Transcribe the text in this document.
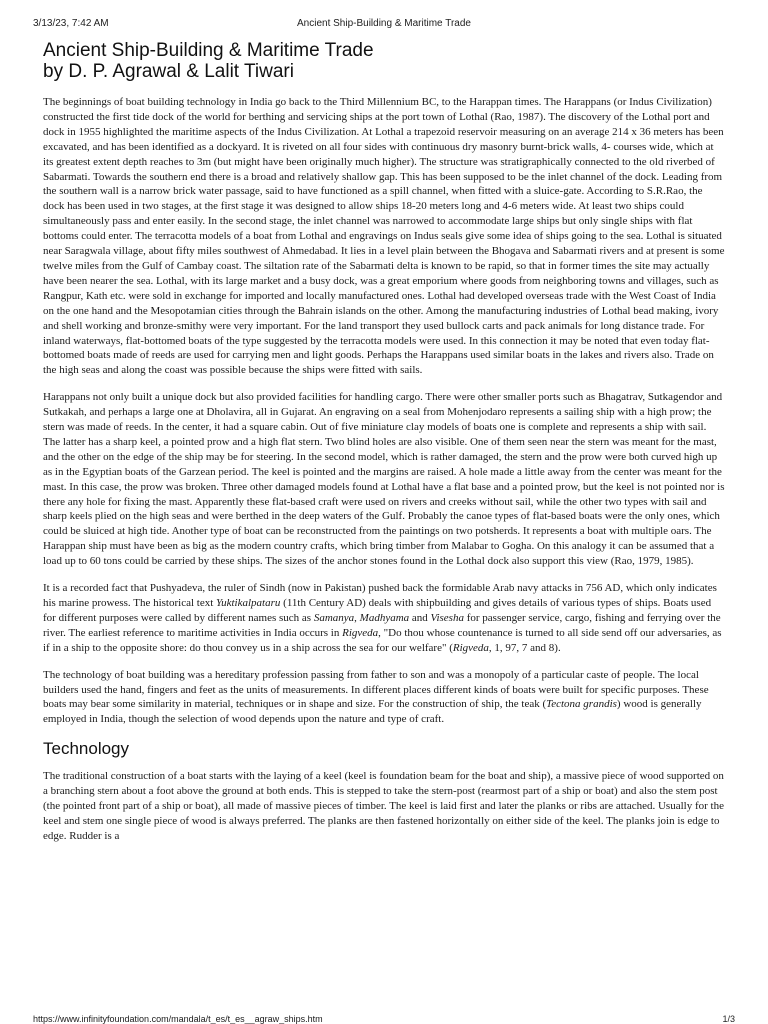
3/13/23, 7:42 AM	Ancient Ship-Building & Maritime Trade
Ancient Ship-Building & Maritime Trade
by D. P. Agrawal & Lalit Tiwari

The beginnings of boat building technology in India go back to the Third Millennium BC, to the Harappan times. The Harappans (or Indus Civilization) constructed the first tide dock of the world for berthing and servicing ships at the port town of Lothal (Rao, 1987). The discovery of the Lothal port and dock in 1955 highlighted the maritime aspects of the Indus Civilization. At Lothal a trapezoid reservoir measuring on an average 214 x 36 meters has been excavated, and has been identified as a dockyard. It is riveted on all four sides with continuous dry masonry burnt-brick walls, 4- courses wide, which at its greatest extent depth reaches to 3m (but might have been originally much higher). The structure was stratigraphically connected to the old riverbed of Sabarmati. Towards the southern end there is a broad and relatively shallow gap. This has been supposed to be the inlet channel of the dock. Leading from the southern wall is a narrow brick water passage, said to have functioned as a spill channel, when fitted with a sluice-gate. According to S.R.Rao, the dock has been used in two stages, at the first stage it was designed to allow ships 18-20 meters long and 4-6 meters wide. At least two ships could simultaneously pass and enter easily. In the second stage, the inlet channel was narrowed to accommodate large ships but only single ships with flat bottoms could enter. The terracotta models of a boat from Lothal and engravings on Indus seals give some idea of ships going to the sea. Lothal is situated near Saragwala village, about fifty miles southwest of Ahmedabad. It lies in a level plain between the Bhogava and Sabarmati rivers and at present is some twelve miles from the Gulf of Cambay coast. The siltation rate of the Sabarmati delta is known to be rapid, so that in former times the site may actually have been nearer the sea. Lothal, with its large market and a busy dock, was a great emporium where goods from neighboring towns and villages, such as Rangpur, Kath etc. were sold in exchange for imported and locally manufactured ones. Lothal had developed overseas trade with the West Coast of India on the one hand and the Mesopotamian cities through the Bahrain islands on the other. Among the manufacturing industries of Lothal bead making, ivory and shell working and bronze-smithy were very important. For the land transport they used bullock carts and pack animals for long distance trade. For inland waterways, flat-bottomed boats of the type suggested by the terracotta models were used. In this connection it may be noted that even today flat-bottomed boats made of reeds are used for carrying men and light goods. Perhaps the Harappans used similar boats in the lakes and rivers also. Trade on the high seas and along the coast was possible because the ships were fitted with sails.

Harappans not only built a unique dock but also provided facilities for handling cargo. There were other smaller ports such as Bhagatrav, Sutkagendor and Sutkakah, and perhaps a large one at Dholavira, all in Gujarat. An engraving on a seal from Mohenjodaro represents a sailing ship with a high prow; the stern was made of reeds. In the center, it had a square cabin. Out of five miniature clay models of boats one is complete and represents a ship with sail. The latter has a sharp keel, a pointed prow and a high flat stern. Two blind holes are also visible. One of them seen near the stern was meant for the mast, and the other on the edge of the ship may be for steering. In the second model, which is rather damaged, the stern and the prow were both curved high up as in the Egyptian boats of the Garzean period. The keel is pointed and the margins are raised. A hole made a little away from the center was meant for the mast. In this case, the prow was broken. Three other damaged models found at Lothal have a flat base and a pointed prow, but the keel is not pointed nor is there any hole for fixing the mast. Apparently these flat-based craft were used on rivers and creeks without sail, while the other two types with sail and sharp keels plied on the high seas and were berthed in the deep waters of the Gulf. Probably the canoe types of flat-based boats were the only ones, which could be sluiced at high tide. Another type of boat can be reconstructed from the paintings on two potsherds. It represents a boat with multiple oars. The Harappan ship must have been as big as the modern country crafts, which bring timber from Malabar to Gogha. On this analogy it can be assumed that a load up to 60 tons could be carried by these ships. The sizes of the anchor stones found in the Lothal dock also support this view (Rao, 1979, 1985).

It is a recorded fact that Pushyadeva, the ruler of Sindh (now in Pakistan) pushed back the formidable Arab navy attacks in 756 AD, which only indicates his marine prowess. The historical text Yuktikalpataru (11th Century AD) deals with shipbuilding and gives details of various types of ships. Boats used for different purposes were called by different names such as Samanya, Madhyama and Visesha for passenger service, cargo, fishing and ferrying over the river. The earliest reference to maritime activities in India occurs in Rigveda, "Do thou whose countenance is turned to all side send off our adversaries, as if in a ship to the opposite shore: do thou convey us in a ship across the sea for our welfare" (Rigveda, 1, 97, 7 and 8).

The technology of boat building was a hereditary profession passing from father to son and was a monopoly of a particular caste of people. The local builders used the hand, fingers and feet as the units of measurements. In different places different kinds of boats were built for specific purposes. These boats may bear some similarity in material, techniques or in shape and size. For the construction of ship, the teak (Tectona grandis) wood is generally employed in India, though the selection of wood depends upon the nature and type of craft.

Technology

The traditional construction of a boat starts with the laying of a keel (keel is foundation beam for the boat and ship), a massive piece of wood supported on a branching stern about a foot above the ground at both ends. This is stepped to take the stern-post (rearmost part of a ship or boat) and also the stem post (the pointed front part of a ship or boat), all made of massive pieces of timber. The keel is laid first and later the planks or ribs are attached. Usually for the keel and stem one single piece of wood is always preferred. The planks are then fastened horizontally on either side of the keel. The planks join is edge to edge. Rudder is a

https://www.infinityfoundation.com/mandala/t_es/t_es__agraw_ships.htm	1/3
